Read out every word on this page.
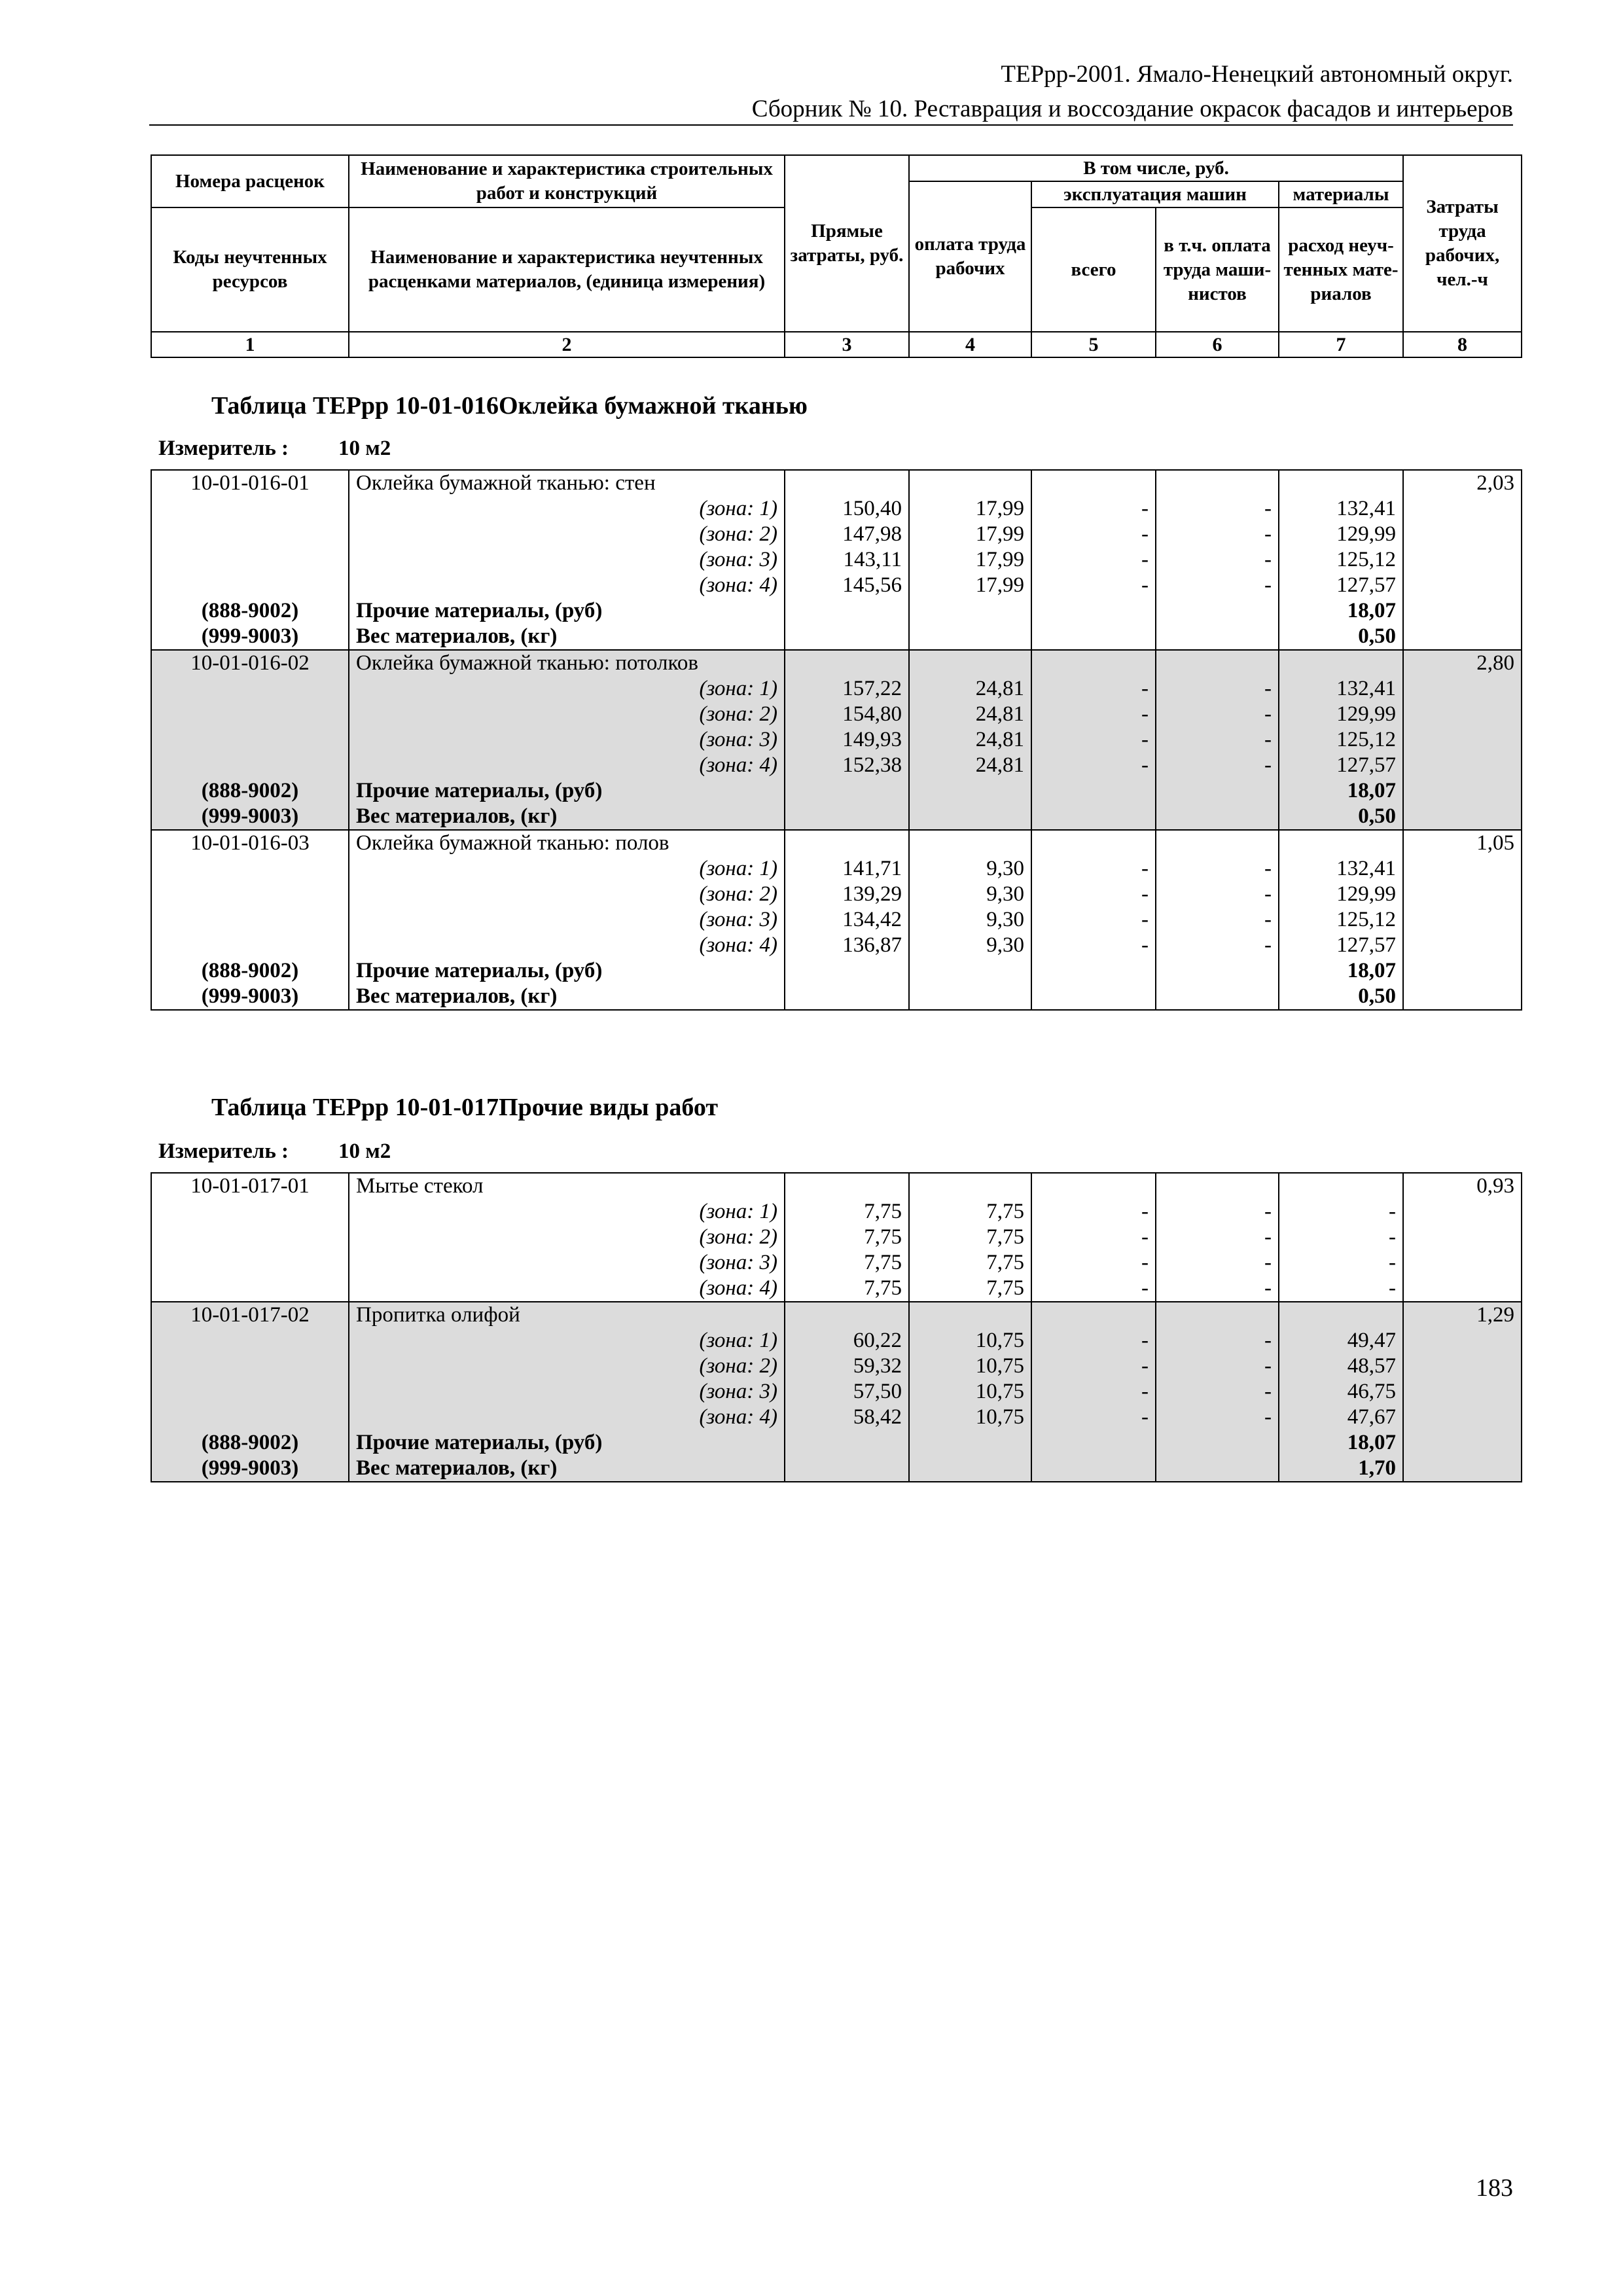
ТЕРрр-2001. Ямало-Ненецкий автономный округ.
Сборник № 10. Реставрация и воссоздание окрасок фасадов и интерьеров
Номера расценок	Наименование и характеристика строительных работ и конструкций	Прямые затраты, руб.	В том числе, руб.				Затраты труда рабочих, чел.-ч
			оплата труда рабочих	эксплуатация машин		материалы	
Коды неучтенных ресурсов	Наименование и характеристика неучтенных расценками материалов, (единица измерения)			всего	в т.ч. оплата труда маши-нистов	расход неуч-тенных мате-риалов	

1	2	3	4	5	6	7	8
Таблица ТЕРрр 10-01-016Оклейка бумажной тканью
Измеритель : 10 м2
10-01-016-01	Оклейка бумажной тканью: стен						2,03
	(зона: 1)	150,40	17,99	-	-	132,41	
	(зона: 2)	147,98	17,99	-	-	129,99	
	(зона: 3)	143,11	17,99	-	-	125,12	
	(зона: 4)	145,56	17,99	-	-	127,57	
(888-9002)	Прочие материалы, (руб)					18,07	
(999-9003)	Вес материалов, (кг)					0,50	
10-01-016-02	Оклейка бумажной тканью: потолков						2,80
	(зона: 1)	157,22	24,81	-	-	132,41	
	(зона: 2)	154,80	24,81	-	-	129,99	
	(зона: 3)	149,93	24,81	-	-	125,12	
	(зона: 4)	152,38	24,81	-	-	127,57	
(888-9002)	Прочие материалы, (руб)					18,07	
(999-9003)	Вес материалов, (кг)					0,50	
10-01-016-03	Оклейка бумажной тканью: полов						1,05
	(зона: 1)	141,71	9,30	-	-	132,41	
	(зона: 2)	139,29	9,30	-	-	129,99	
	(зона: 3)	134,42	9,30	-	-	125,12	
	(зона: 4)	136,87	9,30	-	-	127,57	
(888-9002)	Прочие материалы, (руб)					18,07	
(999-9003)	Вес материалов, (кг)					0,50	
Таблица ТЕРрр 10-01-017Прочие виды работ
Измеритель : 10 м2
10-01-017-01	Мытье стекол						0,93
	(зона: 1)	7,75	7,75	-	-	-	
	(зона: 2)	7,75	7,75	-	-	-	
	(зона: 3)	7,75	7,75	-	-	-	
	(зона: 4)	7,75	7,75	-	-	-	
10-01-017-02	Пропитка олифой						1,29
	(зона: 1)	60,22	10,75	-	-	49,47	
	(зона: 2)	59,32	10,75	-	-	48,57	
	(зона: 3)	57,50	10,75	-	-	46,75	
	(зона: 4)	58,42	10,75	-	-	47,67	
(888-9002)	Прочие материалы, (руб)					18,07	
(999-9003)	Вес материалов, (кг)					1,70	
183
